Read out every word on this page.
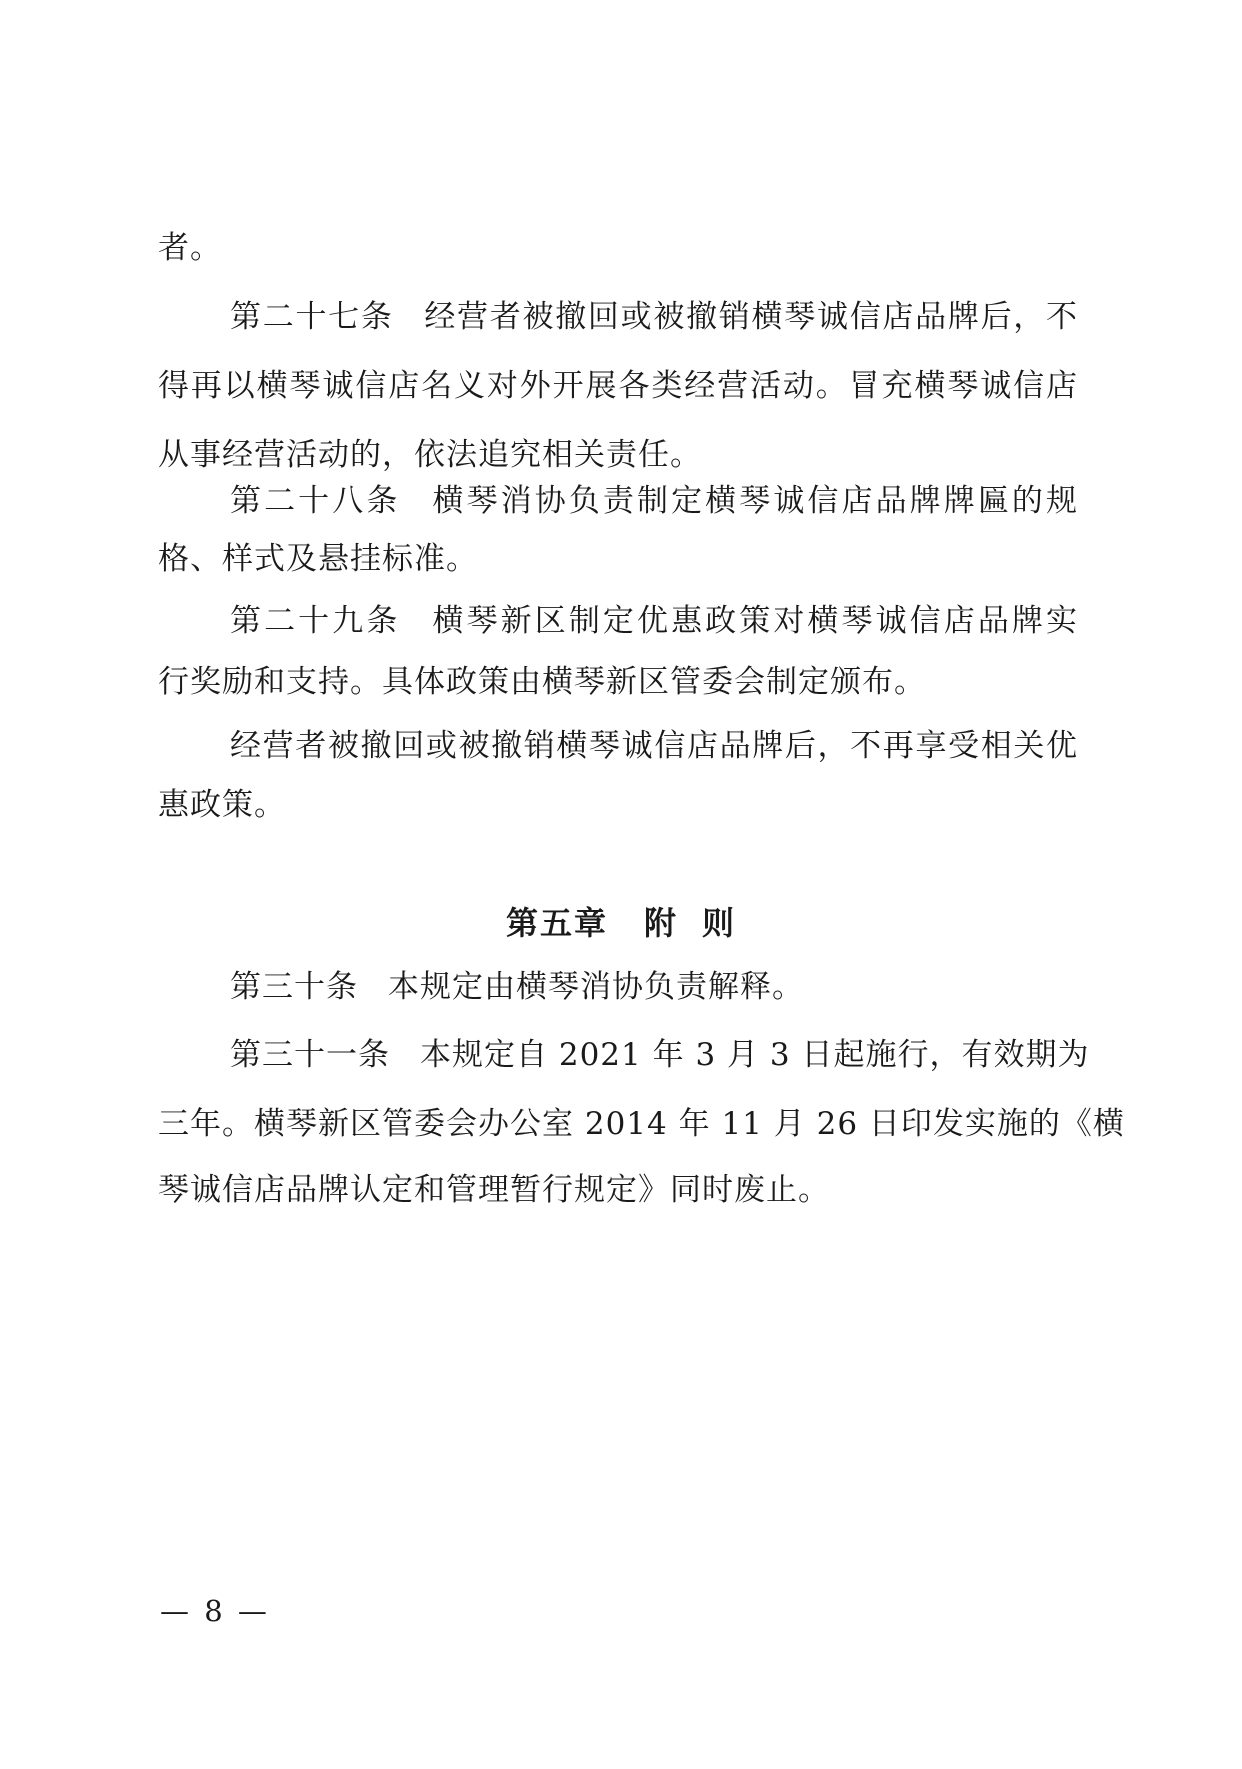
者。
第二十七条 经营者被撤回或被撤销横琴诚信店品牌后，不
得再以横琴诚信店名义对外开展各类经营活动。冒充横琴诚信店
从事经营活动的，依法追究相关责任。
第二十八条 横琴消协负责制定横琴诚信店品牌牌匾的规
格、样式及悬挂标准。
第二十九条 横琴新区制定优惠政策对横琴诚信店品牌实
行奖励和支持。具体政策由横琴新区管委会制定颁布。
经营者被撤回或被撤销横琴诚信店品牌后，不再享受相关优
惠政策。
第五章 附 则
第三十条 本规定由横琴消协负责解释。
第三十一条 本规定自 2021 年 3 月 3 日起施行，有效期为
三年。横琴新区管委会办公室 2014 年 11 月 26 日印发实施的《横
琴诚信店品牌认定和管理暂行规定》同时废止。
— 8 —
